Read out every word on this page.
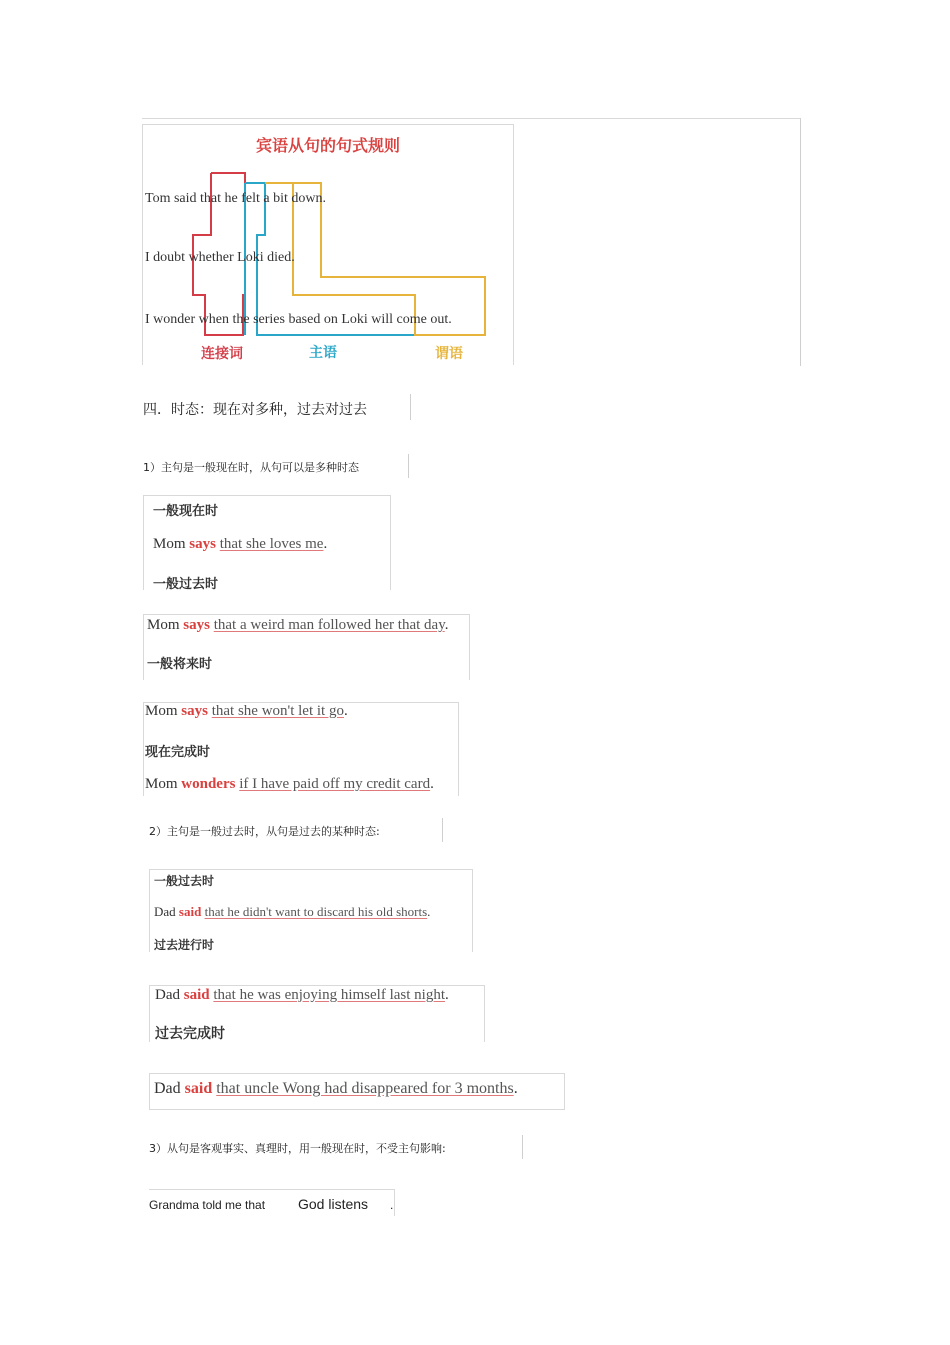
宾语从句的句式规则
Tom said that he felt a bit down.
I doubt whether Loki died.
I wonder when the series based on Loki will come out.
连接词	主语	谓语
四．时态：现在对多种，过去对过去
1）主句是一般现在时，从句可以是多种时态
一般现在时
Mom says that she loves me.
一般过去时
Mom says that a weird man followed her that day.
一般将来时
Mom says that she won't let it go.
现在完成时
Mom wonders if I have paid off my credit card.
2）主句是一般过去时，从句是过去的某种时态:
一般过去时
Dad said that he didn't want to discard his old shorts.
过去进行时
Dad said that he was enjoying himself last night.
过去完成时
Dad said that uncle Wong had disappeared for 3 months.
3）从句是客观事实、真理时，用一般现在时，不受主句影响:
Grandma told me that God listens .
